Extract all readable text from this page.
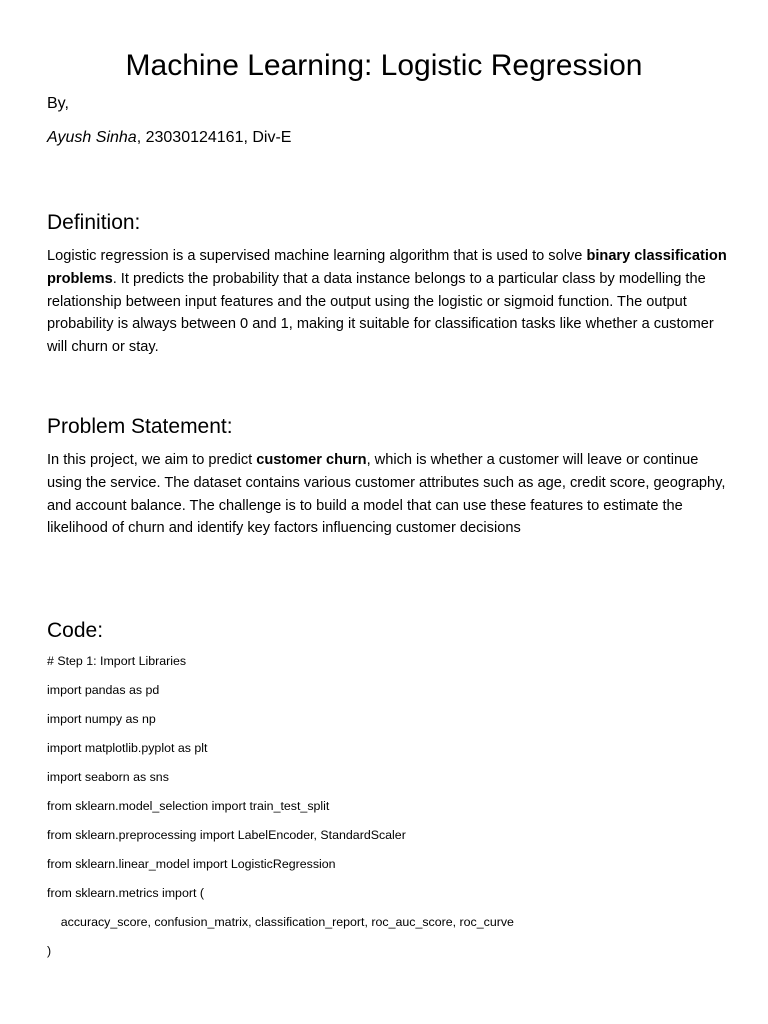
Machine Learning: Logistic Regression

By,

Ayush Sinha, 23030124161, Div-E

Definition:

Logistic regression is a supervised machine learning algorithm that is used to solve binary classification problems. It predicts the probability that a data instance belongs to a particular class by modelling the relationship between input features and the output using the logistic or sigmoid function. The output probability is always between 0 and 1, making it suitable for classification tasks like whether a customer will churn or stay.

Problem Statement:

In this project, we aim to predict customer churn, which is whether a customer will leave or continue using the service. The dataset contains various customer attributes such as age, credit score, geography, and account balance. The challenge is to build a model that can use these features to estimate the likelihood of churn and identify key factors influencing customer decisions

Code:

# Step 1: Import Libraries

import pandas as pd

import numpy as np

import matplotlib.pyplot as plt

import seaborn as sns

from sklearn.model_selection import train_test_split

from sklearn.preprocessing import LabelEncoder, StandardScaler

from sklearn.linear_model import LogisticRegression

from sklearn.metrics import (

accuracy_score, confusion_matrix, classification_report, roc_auc_score, roc_curve

)
